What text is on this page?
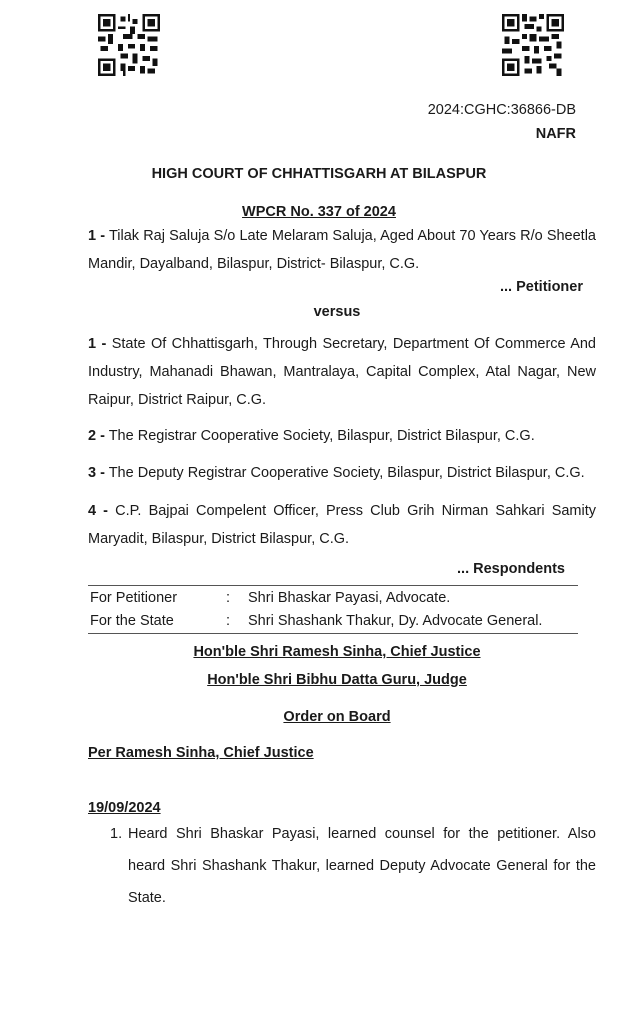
2024:CGHC:36866-DB
NAFR
HIGH COURT OF CHHATTISGARH AT BILASPUR
WPCR No. 337 of 2024
1 - Tilak Raj Saluja S/o Late Melaram Saluja, Aged About 70 Years R/o Sheetla Mandir, Dayalband, Bilaspur, District- Bilaspur, C.G.
... Petitioner
versus
1 - State Of Chhattisgarh, Through Secretary, Department Of Commerce And Industry, Mahanadi Bhawan, Mantralaya, Capital Complex, Atal Nagar, New Raipur, District Raipur, C.G.
2 - The Registrar Cooperative Society, Bilaspur, District Bilaspur, C.G.
3 - The Deputy Registrar Cooperative Society, Bilaspur, District Bilaspur, C.G.
4 - C.P. Bajpai Compelent Officer, Press Club Grih Nirman Sahkari Samity Maryadit, Bilaspur, District Bilaspur, C.G.
... Respondents
For Petitioner	: Shri Bhaskar Payasi, Advocate.
For the State	: Shri Shashank Thakur, Dy. Advocate General.
Hon'ble Shri Ramesh Sinha, Chief Justice
Hon'ble Shri Bibhu Datta Guru, Judge
Order on Board
Per Ramesh Sinha, Chief Justice
19/09/2024
1. Heard Shri Bhaskar Payasi, learned counsel for the petitioner. Also heard Shri Shashank Thakur, learned Deputy Advocate General for the State.
